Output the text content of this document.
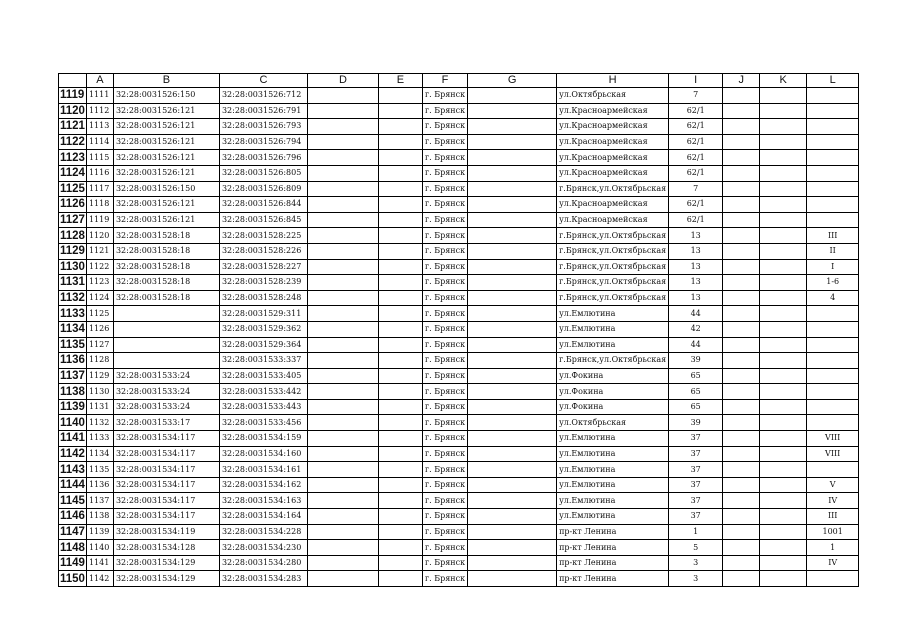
	A	B	C	D	E	F	G	H	I	J	K	L
1119	1111	32:28:0031526:150	32:28:0031526:712			г. Брянск		ул.Октябрьская	7			
1120	1112	32:28:0031526:121	32:28:0031526:791			г. Брянск		ул.Красноармейская	62/1			
1121	1113	32:28:0031526:121	32:28:0031526:793			г. Брянск		ул.Красноармейская	62/1			
1122	1114	32:28:0031526:121	32:28:0031526:794			г. Брянск		ул.Красноармейская	62/1			
1123	1115	32:28:0031526:121	32:28:0031526:796			г. Брянск		ул.Красноармейская	62/1			
1124	1116	32:28:0031526:121	32:28:0031526:805			г. Брянск		ул.Красноармейская	62/1			
1125	1117	32:28:0031526:150	32:28:0031526:809			г. Брянск		г.Брянск,ул.Октябрьская	7			
1126	1118	32:28:0031526:121	32:28:0031526:844			г. Брянск		ул.Красноармейская	62/1			
1127	1119	32:28:0031526:121	32:28:0031526:845			г. Брянск		ул.Красноармейская	62/1			
1128	1120	32:28:0031528:18	32:28:0031528:225			г. Брянск		г.Брянск,ул.Октябрьская	13			III
1129	1121	32:28:0031528:18	32:28:0031528:226			г. Брянск		г.Брянск,ул.Октябрьская	13			II
1130	1122	32:28:0031528:18	32:28:0031528:227			г. Брянск		г.Брянск,ул.Октябрьская	13			I
1131	1123	32:28:0031528:18	32:28:0031528:239			г. Брянск		г.Брянск,ул.Октябрьская	13			1-6
1132	1124	32:28:0031528:18	32:28:0031528:248			г. Брянск		г.Брянск,ул.Октябрьская	13			4
1133	1125		32:28:0031529:311			г. Брянск		ул.Емлютина	44			
1134	1126		32:28:0031529:362			г. Брянск		ул.Емлютина	42			
1135	1127		32:28:0031529:364			г. Брянск		ул.Емлютина	44			
1136	1128		32:28:0031533:337			г. Брянск		г.Брянск,ул.Октябрьская	39			
1137	1129	32:28:0031533:24	32:28:0031533:405			г. Брянск		ул.Фокина	65			
1138	1130	32:28:0031533:24	32:28:0031533:442			г. Брянск		ул.Фокина	65			
1139	1131	32:28:0031533:24	32:28:0031533:443			г. Брянск		ул.Фокина	65			
1140	1132	32:28:0031533:17	32:28:0031533:456			г. Брянск		ул.Октябрьская	39			
1141	1133	32:28:0031534:117	32:28:0031534:159			г. Брянск		ул.Емлютина	37			VIII
1142	1134	32:28:0031534:117	32:28:0031534:160			г. Брянск		ул.Емлютина	37			VIII
1143	1135	32:28:0031534:117	32:28:0031534:161			г. Брянск		ул.Емлютина	37			
1144	1136	32:28:0031534:117	32:28:0031534:162			г. Брянск		ул.Емлютина	37			V
1145	1137	32:28:0031534:117	32:28:0031534:163			г. Брянск		ул.Емлютина	37			IV
1146	1138	32:28:0031534:117	32:28:0031534:164			г. Брянск		ул.Емлютина	37			III
1147	1139	32:28:0031534:119	32:28:0031534:228			г. Брянск		пр-кт Ленина	1			1001
1148	1140	32:28:0031534:128	32:28:0031534:230			г. Брянск		пр-кт Ленина	5			1
1149	1141	32:28:0031534:129	32:28:0031534:280			г. Брянск		пр-кт Ленина	3			IV
1150	1142	32:28:0031534:129	32:28:0031534:283			г. Брянск		пр-кт Ленина	3			
